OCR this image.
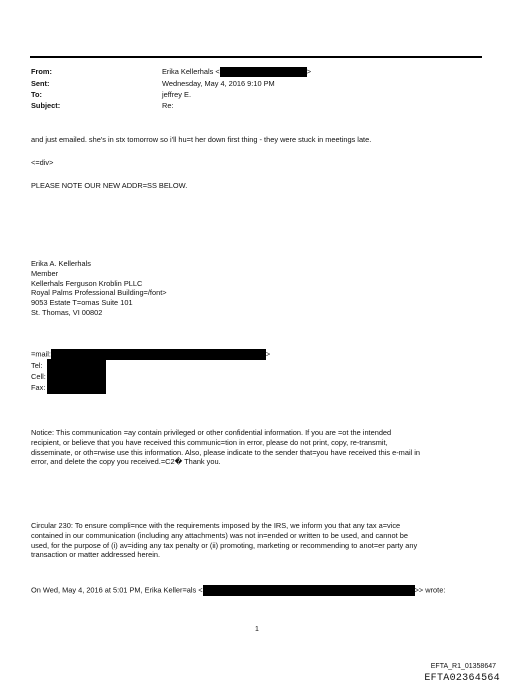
From:	Erika Kellerhals <	>
Sent:	Wednesday, May 4, 2016 9:10 PM
To:	jeffrey E.
Subject:	Re:
and just emailed. she's in stx tomorrow so i'll hu=t her down first thing - they were stuck in meetings late.
<=div>
PLEASE NOTE OUR NEW ADDR=SS BELOW.
Erika A. Kellerhals
Member
Kellerhals Ferguson Kroblin PLLC
Royal Palms Professional Building=/font>
9053 Estate T=omas Suite 101
St. Thomas, VI 00802
=mail:	>
Tel:
Cell:
Fax:
Notice: This communication =ay contain privileged or other confidential information. If you are =ot the intended
recipient, or believe that you have received this communic=tion in error, please do not print, copy, re-transmit,
disseminate, or oth=rwise use this information. Also, please indicate to the sender that=you have received this e-mail in
error, and delete the copy you received.=C2� Thank you.
Circular 230: To ensure compli=nce with the requirements imposed by the IRS, we inform you that any tax a=vice
contained in our communication (including any attachments) was not in=ended or written to be used, and cannot be
used, for the purpose of (i) av=iding any tax penalty or (ii) promoting, marketing or recommending to anot=er party any
transaction or matter addressed herein.
On Wed, May 4, 2016 at 5:01 PM, Erika Keller=als <	>> wrote:
1
EFTA_R1_01358647
EFTA02364564
